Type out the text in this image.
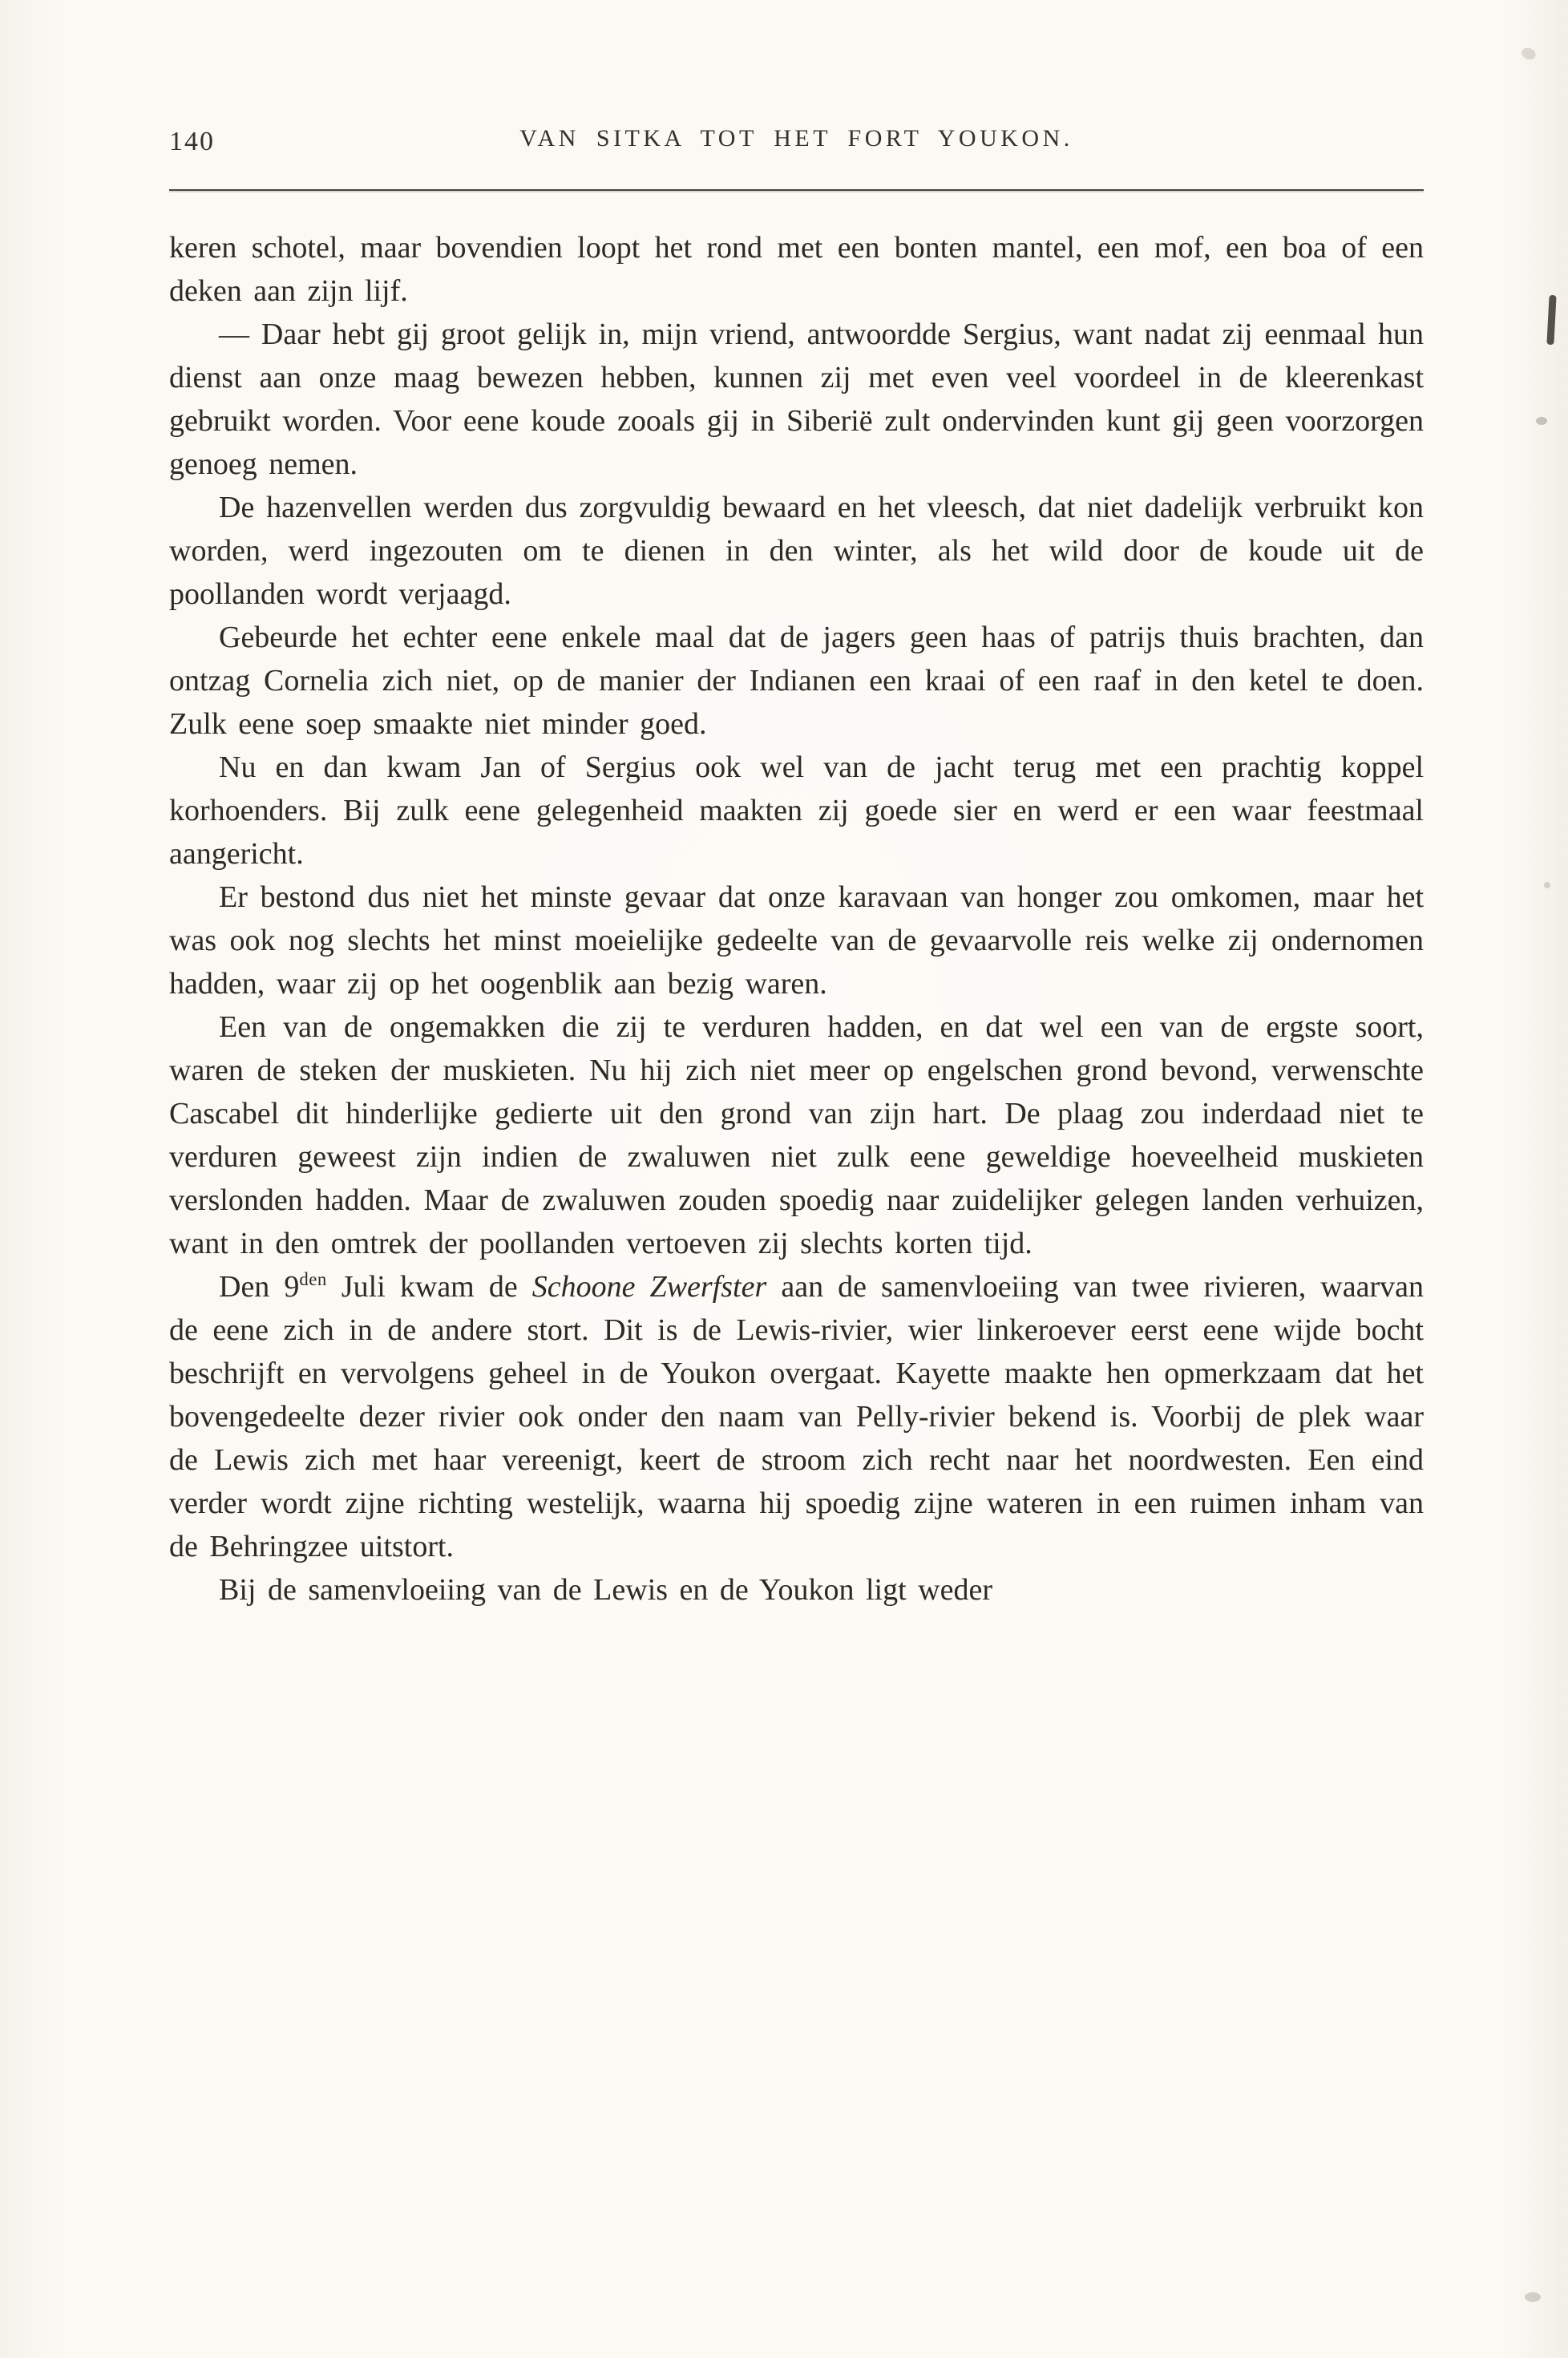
140	VAN SITKA TOT HET FORT YOUKON.

keren schotel, maar bovendien loopt het rond met een bonten mantel, een mof, een boa of een deken aan zijn lijf.

— Daar hebt gij groot gelijk in, mijn vriend, antwoordde Sergius, want nadat zij eenmaal hun dienst aan onze maag bewezen hebben, kunnen zij met even veel voordeel in de kleerenkast gebruikt worden. Voor eene koude zooals gij in Siberië zult ondervinden kunt gij geen voorzorgen genoeg nemen.

De hazenvellen werden dus zorgvuldig bewaard en het vleesch, dat niet dadelijk verbruikt kon worden, werd ingezouten om te dienen in den winter, als het wild door de koude uit de poollanden wordt verjaagd.

Gebeurde het echter eene enkele maal dat de jagers geen haas of patrijs thuis brachten, dan ontzag Cornelia zich niet, op de manier der Indianen een kraai of een raaf in den ketel te doen. Zulk eene soep smaakte niet minder goed.

Nu en dan kwam Jan of Sergius ook wel van de jacht terug met een prachtig koppel korhoenders. Bij zulk eene gelegenheid maakten zij goede sier en werd er een waar feestmaal aangericht.

Er bestond dus niet het minste gevaar dat onze karavaan van honger zou omkomen, maar het was ook nog slechts het minst moeielijke gedeelte van de gevaarvolle reis welke zij ondernomen hadden, waar zij op het oogenblik aan bezig waren.

Een van de ongemakken die zij te verduren hadden, en dat wel een van de ergste soort, waren de steken der muskieten. Nu hij zich niet meer op engelschen grond bevond, verwenschte Cascabel dit hinderlijke gedierte uit den grond van zijn hart. De plaag zou inderdaad niet te verduren geweest zijn indien de zwaluwen niet zulk eene geweldige hoeveelheid muskieten verslonden hadden. Maar de zwaluwen zouden spoedig naar zuidelijker gelegen landen verhuizen, want in den omtrek der poollanden vertoeven zij slechts korten tijd.

Den $9^{den}$ Juli kwam de Schoone Zwerfster aan de samenvloeiing van twee rivieren, waarvan de eene zich in de andere stort. Dit is de Lewis-rivier, wier linkeroever eerst eene wijde bocht beschrijft en vervolgens geheel in de Youkon overgaat. Kayette maakte hen opmerkzaam dat het bovengedeelte dezer rivier ook onder den naam van Pelly-rivier bekend is. Voorbij de plek waar de Lewis zich met haar vereenigt, keert de stroom zich recht naar het noordwesten. Een eind verder wordt zijne richting westelijk, waarna hij spoedig zijne wateren in een ruimen inham van de Behringzee uitstort.

Bij de samenvloeiing van de Lewis en de Youkon ligt weder
